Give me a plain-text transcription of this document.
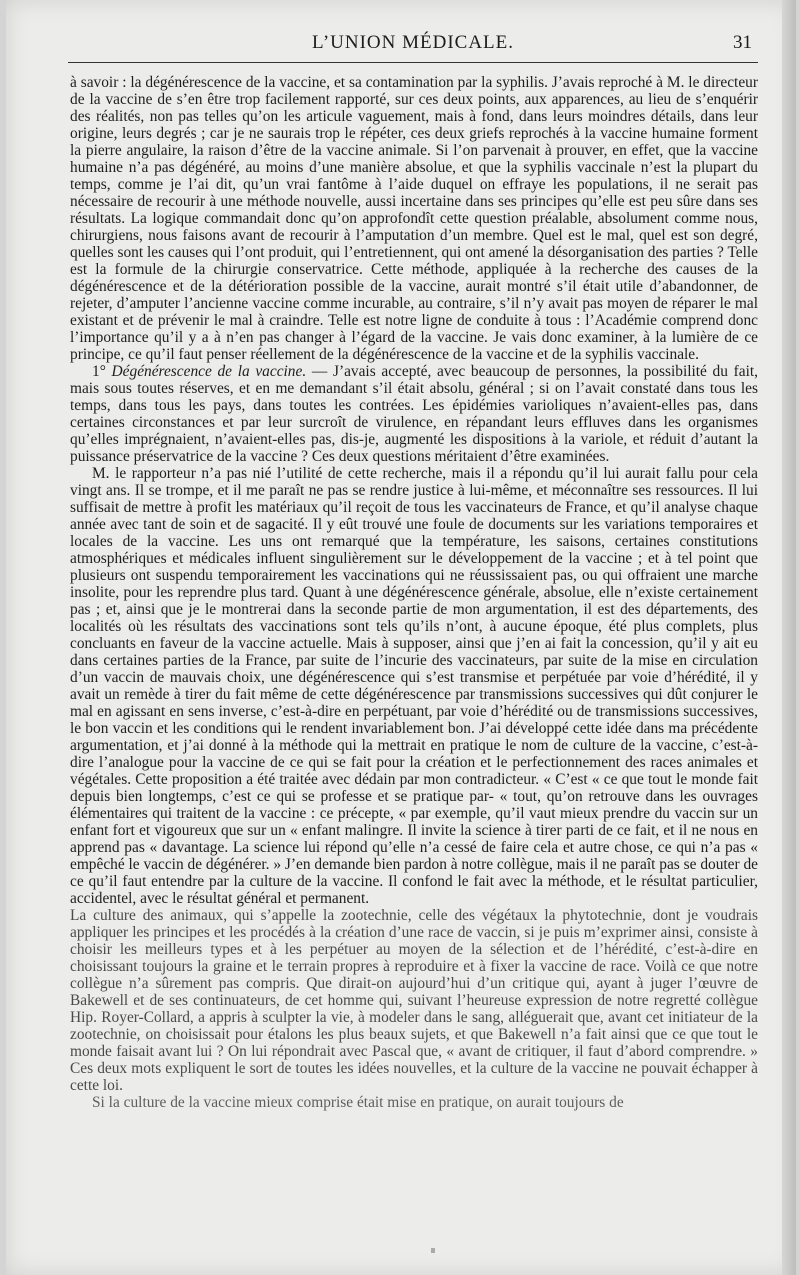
L’UNION MÉDICALE.	31

à savoir : la dégénérescence de la vaccine, et sa contamination par la syphilis. J’avais reproché à M. le directeur de la vaccine de s’en être trop facilement rapporté, sur ces deux points, aux apparences, au lieu de s’enquérir des réalités, non pas telles qu’on les articule vaguement, mais à fond, dans leurs moindres détails, dans leur origine, leurs degrés ; car je ne saurais trop le répéter, ces deux griefs reprochés à la vaccine humaine forment la pierre angulaire, la raison d’être de la vaccine animale. Si l’on parvenait à prouver, en effet, que la vaccine humaine n’a pas dégénéré, au moins d’une manière absolue, et que la syphilis vaccinale n’est la plupart du temps, comme je l’ai dit, qu’un vrai fantôme à l’aide duquel on effraye les populations, il ne serait pas nécessaire de recourir à une méthode nouvelle, aussi incertaine dans ses principes qu’elle est peu sûre dans ses résultats. La logique commandait donc qu’on approfondît cette question préalable, absolument comme nous, chirurgiens, nous faisons avant de recourir à l’amputation d’un membre. Quel est le mal, quel est son degré, quelles sont les causes qui l’ont produit, qui l’entretiennent, qui ont amené la désorganisation des parties ? Telle est la formule de la chirurgie conservatrice. Cette méthode, appliquée à la recherche des causes de la dégénérescence et de la détérioration possible de la vaccine, aurait montré s’il était utile d’abandonner, de rejeter, d’amputer l’ancienne vaccine comme incurable, au contraire, s’il n’y avait pas moyen de réparer le mal existant et de prévenir le mal à craindre. Telle est notre ligne de conduite à tous : l’Académie comprend donc l’importance qu’il y a à n’en pas changer à l’égard de la vaccine. Je vais donc examiner, à la lumière de ce principe, ce qu’il faut penser réellement de la dégénérescence de la vaccine et de la syphilis vaccinale.

1° Dégénérescence de la vaccine. — J’avais accepté, avec beaucoup de personnes, la possibilité du fait, mais sous toutes réserves, et en me demandant s’il était absolu, général ; si on l’avait constaté dans tous les temps, dans tous les pays, dans toutes les contrées. Les épidémies varioliques n’avaient-elles pas, dans certaines circonstances et par leur surcroît de virulence, en répandant leurs effluves dans les organismes qu’elles imprégnaient, n’avaient-elles pas, dis-je, augmenté les dispositions à la variole, et réduit d’autant la puissance préservatrice de la vaccine ? Ces deux questions méritaient d’être examinées.

M. le rapporteur n’a pas nié l’utilité de cette recherche, mais il a répondu qu’il lui aurait fallu pour cela vingt ans. Il se trompe, et il me paraît ne pas se rendre justice à lui-même, et méconnaître ses ressources. Il lui suffisait de mettre à profit les matériaux qu’il reçoit de tous les vaccinateurs de France, et qu’il analyse chaque année avec tant de soin et de sagacité. Il y eût trouvé une foule de documents sur les variations temporaires et locales de la vaccine. Les uns ont remarqué que la température, les saisons, certaines constitutions atmosphériques et médicales influent singulièrement sur le développement de la vaccine ; et à tel point que plusieurs ont suspendu temporairement les vaccinations qui ne réussissaient pas, ou qui offraient une marche insolite, pour les reprendre plus tard. Quant à une dégénérescence générale, absolue, elle n’existe certainement pas ; et, ainsi que je le montrerai dans la seconde partie de mon argumentation, il est des départements, des localités où les résultats des vaccinations sont tels qu’ils n’ont, à aucune époque, été plus complets, plus concluants en faveur de la vaccine actuelle. Mais à supposer, ainsi que j’en ai fait la concession, qu’il y ait eu dans certaines parties de la France, par suite de l’incurie des vaccinateurs, par suite de la mise en circulation d’un vaccin de mauvais choix, une dégénérescence qui s’est transmise et perpétuée par voie d’hérédité, il y avait un remède à tirer du fait même de cette dégénérescence par transmissions successives qui dût conjurer le mal en agissant en sens inverse, c’est-à-dire en perpétuant, par voie d’hérédité ou de transmissions successives, le bon vaccin et les conditions qui le rendent invariablement bon. J’ai développé cette idée dans ma précédente argumentation, et j’ai donné à la méthode qui la mettrait en pratique le nom de culture de la vaccine, c’est-à-dire l’analogue pour la vaccine de ce qui se fait pour la création et le perfectionnement des races animales et végétales. Cette proposition a été traitée avec dédain par mon contradicteur. « C’est « ce que tout le monde fait depuis bien longtemps, c’est ce qui se professe et se pratique par- « tout, qu’on retrouve dans les ouvrages élémentaires qui traitent de la vaccine : ce précepte, « par exemple, qu’il vaut mieux prendre du vaccin sur un enfant fort et vigoureux que sur un « enfant malingre. Il invite la science à tirer parti de ce fait, et il ne nous en apprend pas « davantage. La science lui répond qu’elle n’a cessé de faire cela et autre chose, ce qui n’a pas « empêché le vaccin de dégénérer. » J’en demande bien pardon à notre collègue, mais il ne paraît pas se douter de ce qu’il faut entendre par la culture de la vaccine. Il confond le fait avec la méthode, et le résultat particulier, accidentel, avec le résultat général et permanent.

La culture des animaux, qui s’appelle la zootechnie, celle des végétaux la phytotechnie, dont je voudrais appliquer les principes et les procédés à la création d’une race de vaccin, si je puis m’exprimer ainsi, consiste à choisir les meilleurs types et à les perpétuer au moyen de la sélection et de l’hérédité, c’est-à-dire en choisissant toujours la graine et le terrain propres à reproduire et à fixer la vaccine de race. Voilà ce que notre collègue n’a sûrement pas compris. Que dirait-on aujourd’hui d’un critique qui, ayant à juger l’œuvre de Bakewell et de ses continuateurs, de cet homme qui, suivant l’heureuse expression de notre regretté collègue Hip. Royer-Collard, a appris à sculpter la vie, à modeler dans le sang, alléguerait que, avant cet initiateur de la zootechnie, on choisissait pour étalons les plus beaux sujets, et que Bakewell n’a fait ainsi que ce que tout le monde faisait avant lui ? On lui répondrait avec Pascal que, « avant de critiquer, il faut d’abord comprendre. » Ces deux mots expliquent le sort de toutes les idées nouvelles, et la culture de la vaccine ne pouvait échapper à cette loi.

Si la culture de la vaccine mieux comprise était mise en pratique, on aurait toujours de
